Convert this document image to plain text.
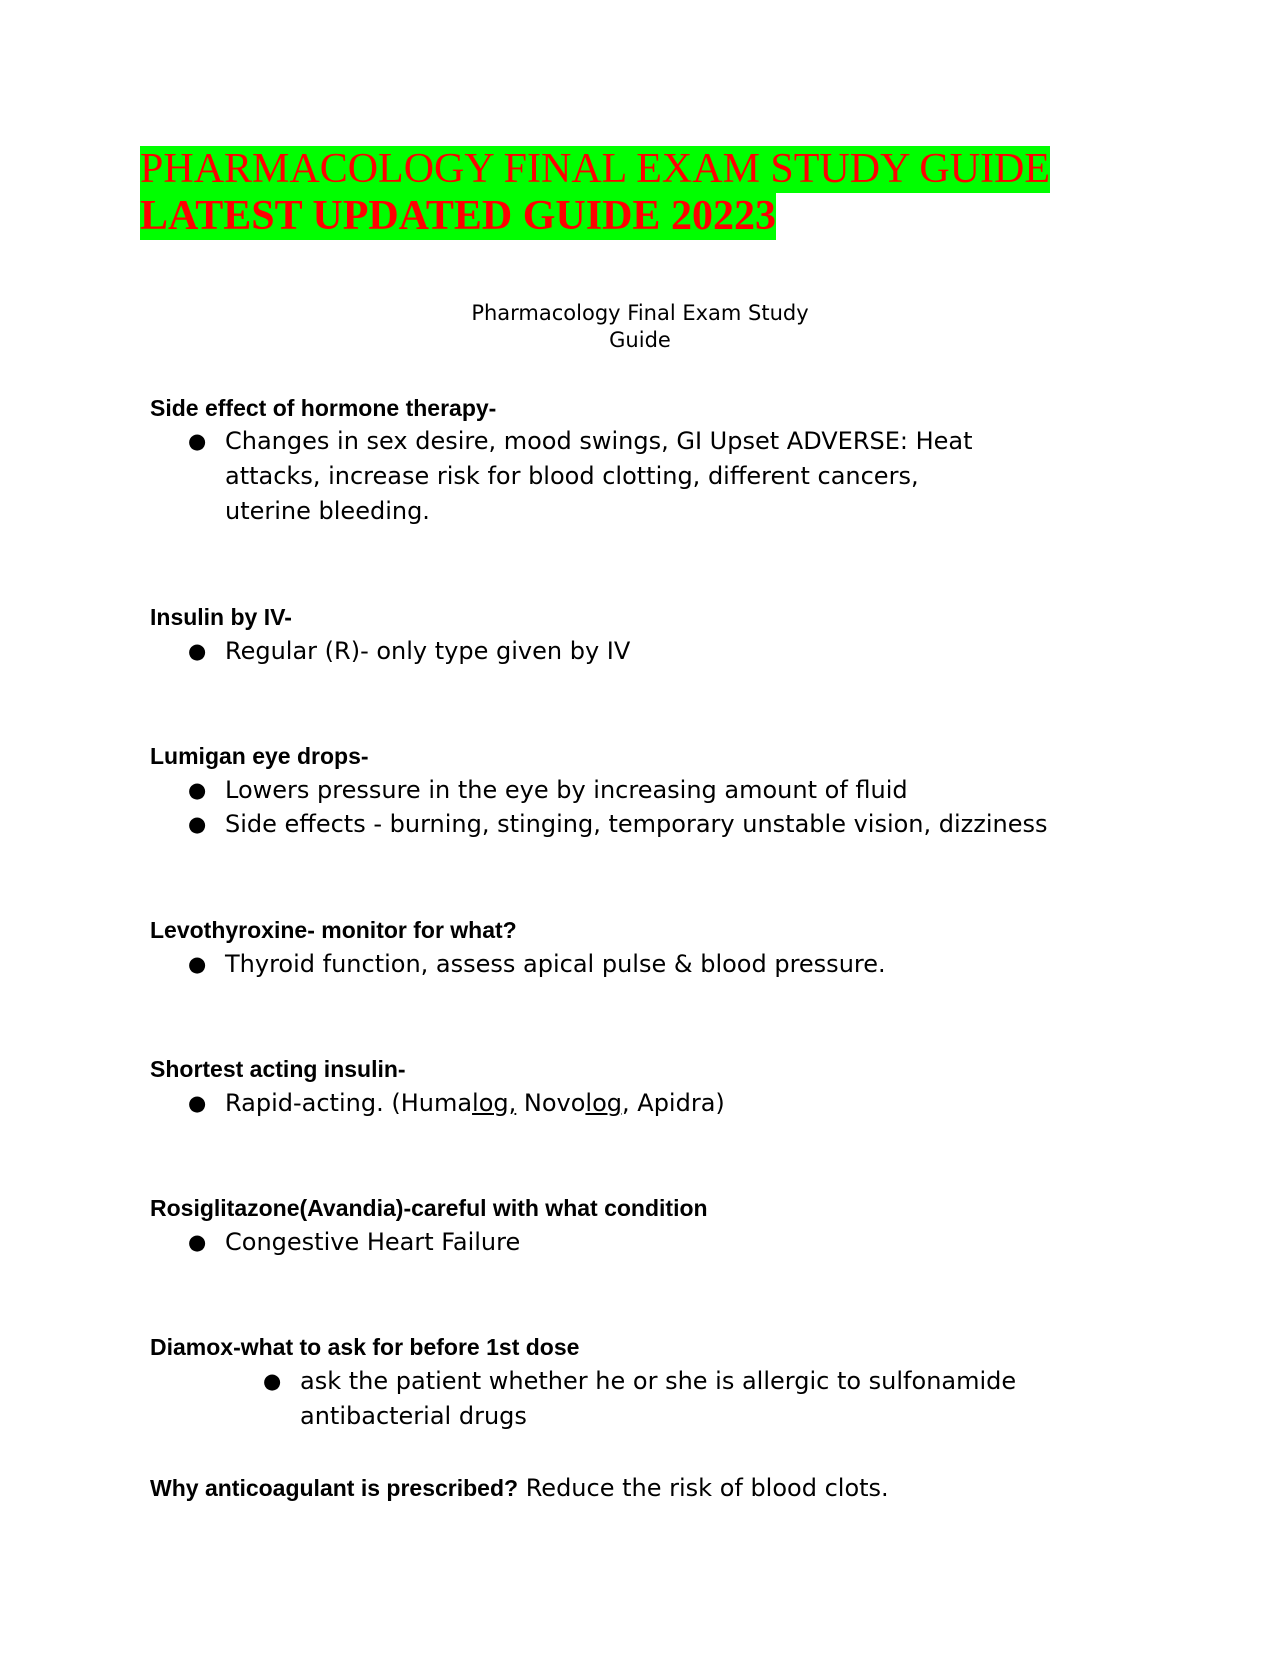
PHARMACOLOGY FINAL EXAM STUDY GUIDE
LATEST UPDATED GUIDE 20223
Pharmacology Final Exam Study
Guide
Side effect of hormone therapy-
● Changes in sex desire, mood swings, GI Upset ADVERSE: Heat
attacks, increase risk for blood clotting, different cancers,
uterine bleeding.
Insulin by IV-
● Regular (R)- only type given by IV
Lumigan eye drops-
● Lowers pressure in the eye by increasing amount of fluid
● Side effects - burning, stinging, temporary unstable vision, dizziness
Levothyroxine- monitor for what?
● Thyroid function, assess apical pulse & blood pressure.
Shortest acting insulin-
● Rapid-acting. (Humalog, Novolog, Apidra)
Rosiglitazone(Avandia)-careful with what condition
● Congestive Heart Failure
Diamox-what to ask for before 1st dose
● ask the patient whether he or she is allergic to sulfonamide
antibacterial drugs
Why anticoagulant is prescribed? Reduce the risk of blood clots.
